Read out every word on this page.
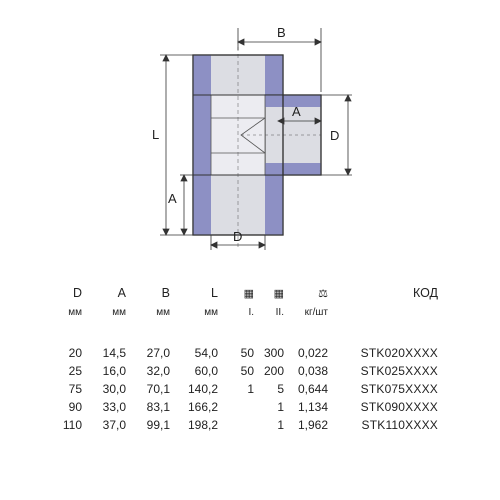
B
A
D
L
A
D
D	A	B	L	▦	▦	⚖	КОД
мм	мм	мм	мм	I.	II.	кг/шт	

20	14,5	27,0	54,0	50	300	0,022	STK020XXXX
25	16,0	32,0	60,0	50	200	0,038	STK025XXXX
75	30,0	70,1	140,2	1	5	0,644	STK075XXXX
90	33,0	83,1	166,2		1	1,134	STK090XXXX
110	37,0	99,1	198,2		1	1,962	STK110XXXX
